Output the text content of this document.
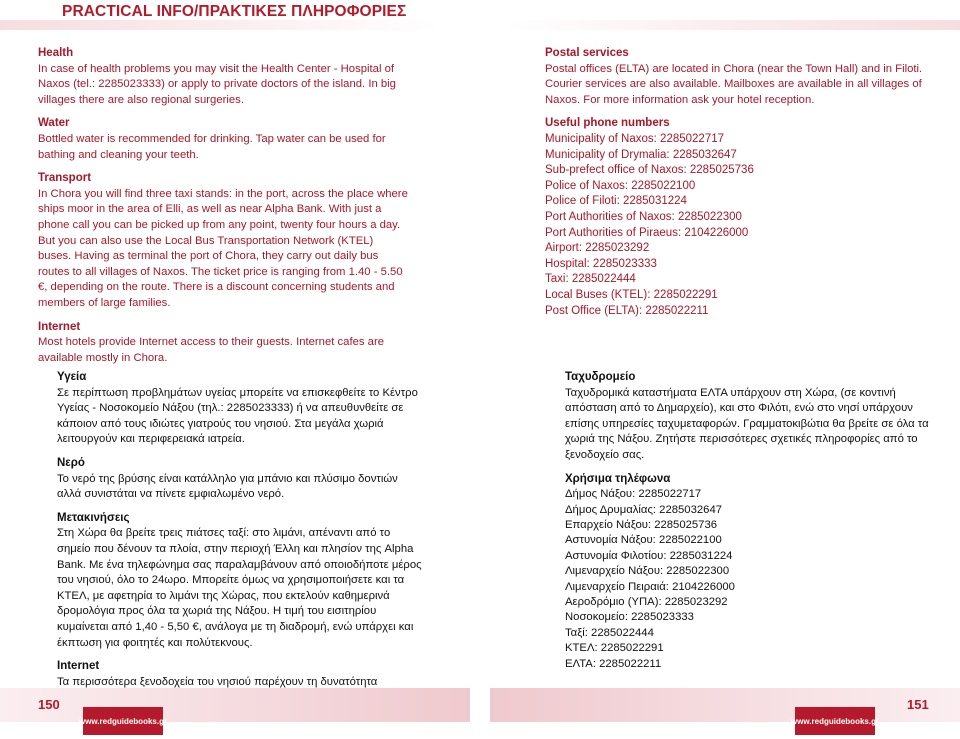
PRACTICAL INFO/ΠΡΑΚΤΙΚΕΣ ΠΛΗΡΟΦΟΡΙΕΣ
Health

In case of health problems you may visit the Health Center - Hospital of Naxos (tel.: 2285023333) or apply to private doctors of the island. In big villages there are also regional surgeries.

Water

Bottled water is recommended for drinking. Tap water can be used for bathing and cleaning your teeth.

Transport

In Chora you will find three taxi stands: in the port, across the place where ships moor in the area of Elli, as well as near Alpha Bank. With just a phone call you can be picked up from any point, twenty four hours a day. But you can also use the Local Bus Transportation Network (KTEL) buses. Having as terminal the port of Chora, they carry out daily bus routes to all villages of Naxos. The ticket price is ranging from 1.40 - 5.50 €, depending on the route. There is a discount concerning students and members of large families.

Internet

Most hotels provide Internet access to their guests. Internet cafes are available mostly in Chora.

Postal services

Postal offices (ELTA) are located in Chora (near the Town Hall) and in Filoti. Courier services are also available. Mailboxes are available in all villages of Naxos. For more information ask your hotel reception.

Useful phone numbers
Municipality of Naxos: 2285022717
Municipality of Drymalia: 2285032647
Sub-prefect office of Naxos: 2285025736
Police of Naxos: 2285022100
Police of Filoti: 2285031224
Port Authorities of Naxos: 2285022300
Port Authorities of Piraeus: 2104226000
Airport: 2285023292
Hospital: 2285023333
Taxi: 2285022444
Local Buses (KTEL): 2285022291
Post Office (ELTA): 2285022211
Υγεία

Σε περίπτωση προβλημάτων υγείας μπορείτε να επισκεφθείτε το Κέντρο Υγείας - Νοσοκομείο Νάξου (τηλ.: 2285023333) ή να απευθυνθείτε σε κάποιον από τους ιδιώτες γιατρούς του νησιού. Στα μεγάλα χωριά λειτουργούν και περιφερειακά ιατρεία.

Νερό

Το νερό της βρύσης είναι κατάλληλο για μπάνιο και πλύσιμο δοντιών αλλά συνιστάται να πίνετε εμφιαλωμένο νερό.

Μετακινήσεις

Στη Χώρα θα βρείτε τρεις πιάτσες ταξί: στο λιμάνι, απέναντι από το σημείο που δένουν τα πλοία, στην περιοχή Έλλη και πλησίον της Alpha Bank. Με ένα τηλεφώνημα σας παραλαμβάνουν από οποιοδήποτε μέρος του νησιού, όλο το 24ωρο. Μπορείτε όμως να χρησιμοποιήσετε και τα ΚΤΕΛ, με αφετηρία το λιμάνι της Χώρας, που εκτελούν καθημερινά δρομολόγια προς όλα τα χωριά της Νάξου. Η τιμή του εισιτηρίου κυμαίνεται από 1,40 - 5,50 €, ανάλογα με τη διαδρομή, ενώ υπάρχει και έκπτωση για φοιτητές και πολύτεκνους.

Internet

Τα περισσότερα ξενοδοχεία του νησιού παρέχουν τη δυνατότητα

Ταχυδρομείο

Ταχυδρομικά καταστήματα ΕΛΤΑ υπάρχουν στη Χώρα, (σε κοντινή απόσταση από το Δημαρχείο), και στο Φιλότι, ενώ στο νησί υπάρχουν επίσης υπηρεσίες ταχυμεταφορών. Γραμματοκιβώτια θα βρείτε σε όλα τα χωριά της Νάξου. Ζητήστε περισσότερες σχετικές πληροφορίες από το ξενοδοχείο σας.

Χρήσιμα τηλέφωνα
Δήμος Νάξου: 2285022717
Δήμος Δρυμαλίας: 2285032647
Επαρχείο Νάξου: 2285025736
Αστυνομία Νάξου: 2285022100
Αστυνομία Φιλοτίου: 2285031224
Λιμεναρχείο Νάξου: 2285022300
Λιμεναρχείο Πειραιά: 2104226000
Αεροδρόμιο (ΥΠΑ): 2285023292
Νοσοκομείο: 2285023333
Ταξί: 2285022444
ΚΤΕΛ: 2285022291
ΕΛΤΑ: 2285022211
150	151
www.redguidebooks.gr	www.redguidebooks.gr
